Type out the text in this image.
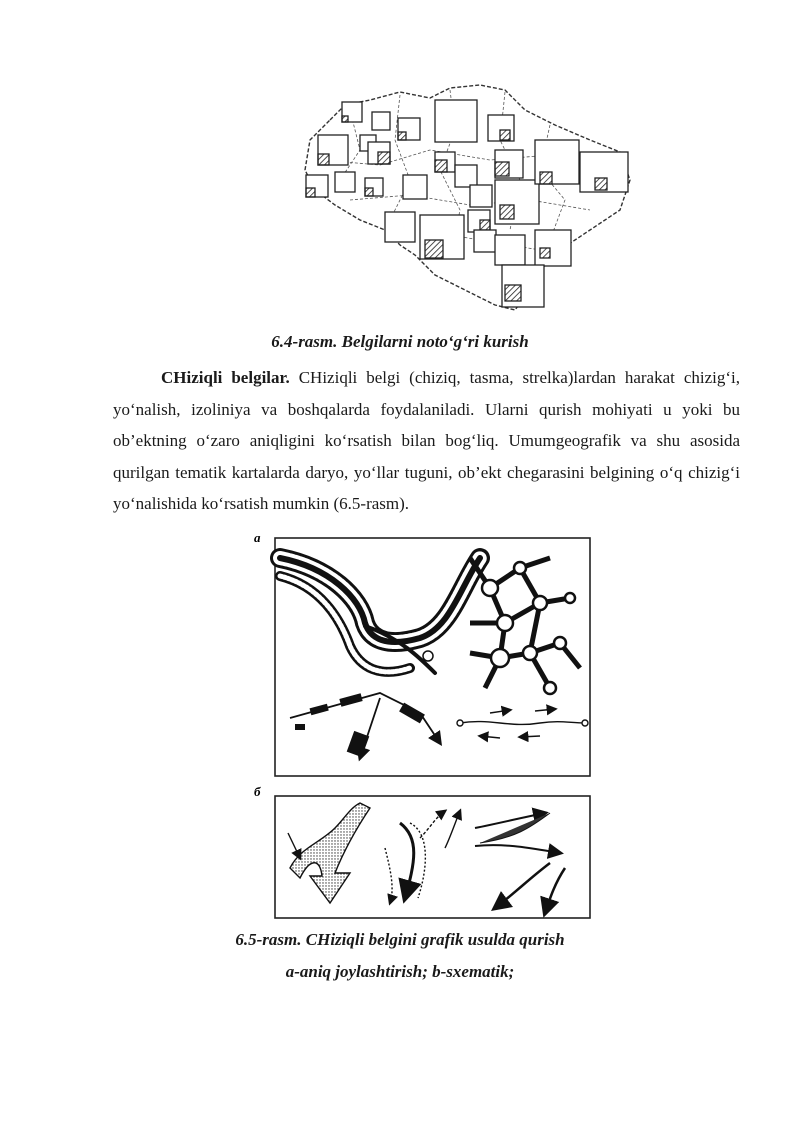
6.4-rasm. Belgilarni noto‘g‘ri kurish
CHiziqli belgilar. CHiziqli belgi (chiziq, tasma, strelka)lardan harakat chizig‘i, yo‘nalish, izoliniya va boshqalarda foydalaniladi. Ularni qurish mohiyati u yoki bu ob’ektning o‘zaro aniqligini ko‘rsatish bilan bog‘liq. Umumgeografik va shu asosida qurilgan tematik kartalarda daryo, yo‘llar tuguni, ob’ekt chegarasini belgining o‘q chizig‘i yo‘nalishida ko‘rsatish mumkin (6.5-rasm).
a
б
6.5-rasm. CHiziqli belgini grafik usulda qurish
a-aniq joylashtirish; b-sxematik;
